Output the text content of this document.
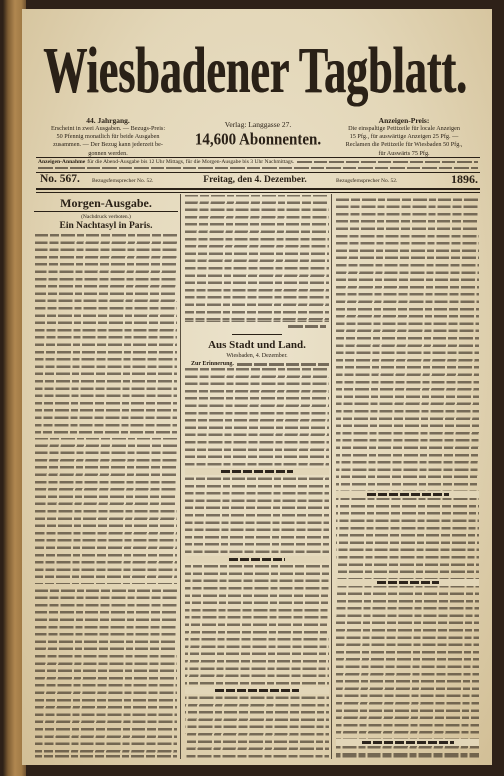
Wiesbadener Tagblatt.
44. Jahrgang.
Erscheint in zwei Ausgaben. — Bezugs-Preis:
50 Pfennig monatlich für beide Ausgaben
zusammen. — Der Bezug kann jederzeit be-
gonnen werden.
Verlag: Langgasse 27.
14,600 Abonnenten.
Anzeigen-Preis:
Die einspaltige Petitzeile für locale Anzeigen
15 Pfg., für auswärtige Anzeigen 25 Pfg. —
Reclamen die Petitzeile für Wiesbaden 50 Pfg.,
für Auswärts 75 Pfg.
Anzeigen-Annahme für die Abend-Ausgabe bis 12 Uhr Mittags, für die Morgen-Ausgabe bis 3 Uhr Nachmittags.
No. 567. Bezugsfernsprecher No. 52.	Freitag, den 4. Dezember.	Bezugsfernsprecher No. 52.	1896.
Morgen-Ausgabe.
(Nachdruck verboten.)
Ein Nachtasyl in Paris.
Aus Stadt und Land.
Wiesbaden, 4. Dezember.
Zur Erinnerung.
